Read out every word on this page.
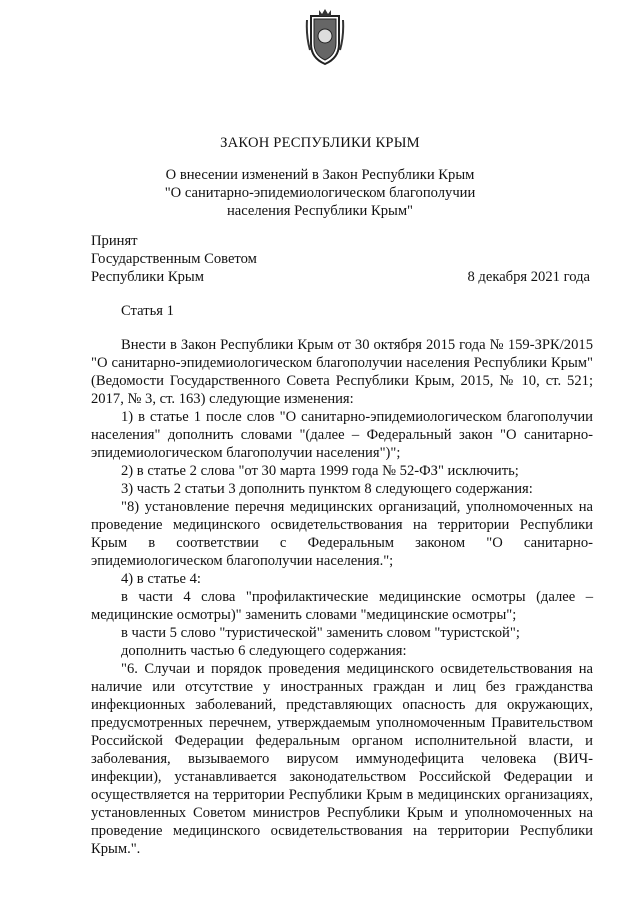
ЗАКОН РЕСПУБЛИКИ КРЫМ
О внесении изменений в Закон Республики Крым
"О санитарно-эпидемиологическом благополучии
населения Республики Крым"
Принят
Государственным Советом
Республики Крым	8 декабря 2021 года
Статья 1

Внести в Закон Республики Крым от 30 октября 2015 года № 159-ЗРК/2015 "О санитарно-эпидемиологическом благополучии населения Республики Крым" (Ведомости Государственного Совета Республики Крым, 2015, № 10, ст. 521; 2017, № 3, ст. 163) следующие изменения:

1) в статье 1 после слов "О санитарно-эпидемиологическом благополучии населения" дополнить словами "(далее – Федеральный закон "О санитарно-эпидемиологическом благополучии населения")";

2) в статье 2 слова "от 30 марта 1999 года № 52-ФЗ" исключить;

3) часть 2 статьи 3 дополнить пунктом 8 следующего содержания:

"8) установление перечня медицинских организаций, уполномоченных на проведение медицинского освидетельствования на территории Республики Крым в соответствии с Федеральным законом "О санитарно-эпидемиологическом благополучии населения.";

4) в статье 4:

в части 4 слова "профилактические медицинские осмотры (далее – медицинские осмотры)" заменить словами "медицинские осмотры";

в части 5 слово "туристической" заменить словом "туристской";

дополнить частью 6 следующего содержания:

"6. Случаи и порядок проведения медицинского освидетельствования на наличие или отсутствие у иностранных граждан и лиц без гражданства инфекционных заболеваний, представляющих опасность для окружающих, предусмотренных перечнем, утверждаемым уполномоченным Правительством Российской Федерации федеральным органом исполнительной власти, и заболевания, вызываемого вирусом иммунодефицита человека (ВИЧ-инфекции), устанавливается законодательством Российской Федерации и осуществляется на территории Республики Крым в медицинских организациях, установленных Советом министров Республики Крым и уполномоченных на проведение медицинского освидетельствования на территории Республики Крым.".
